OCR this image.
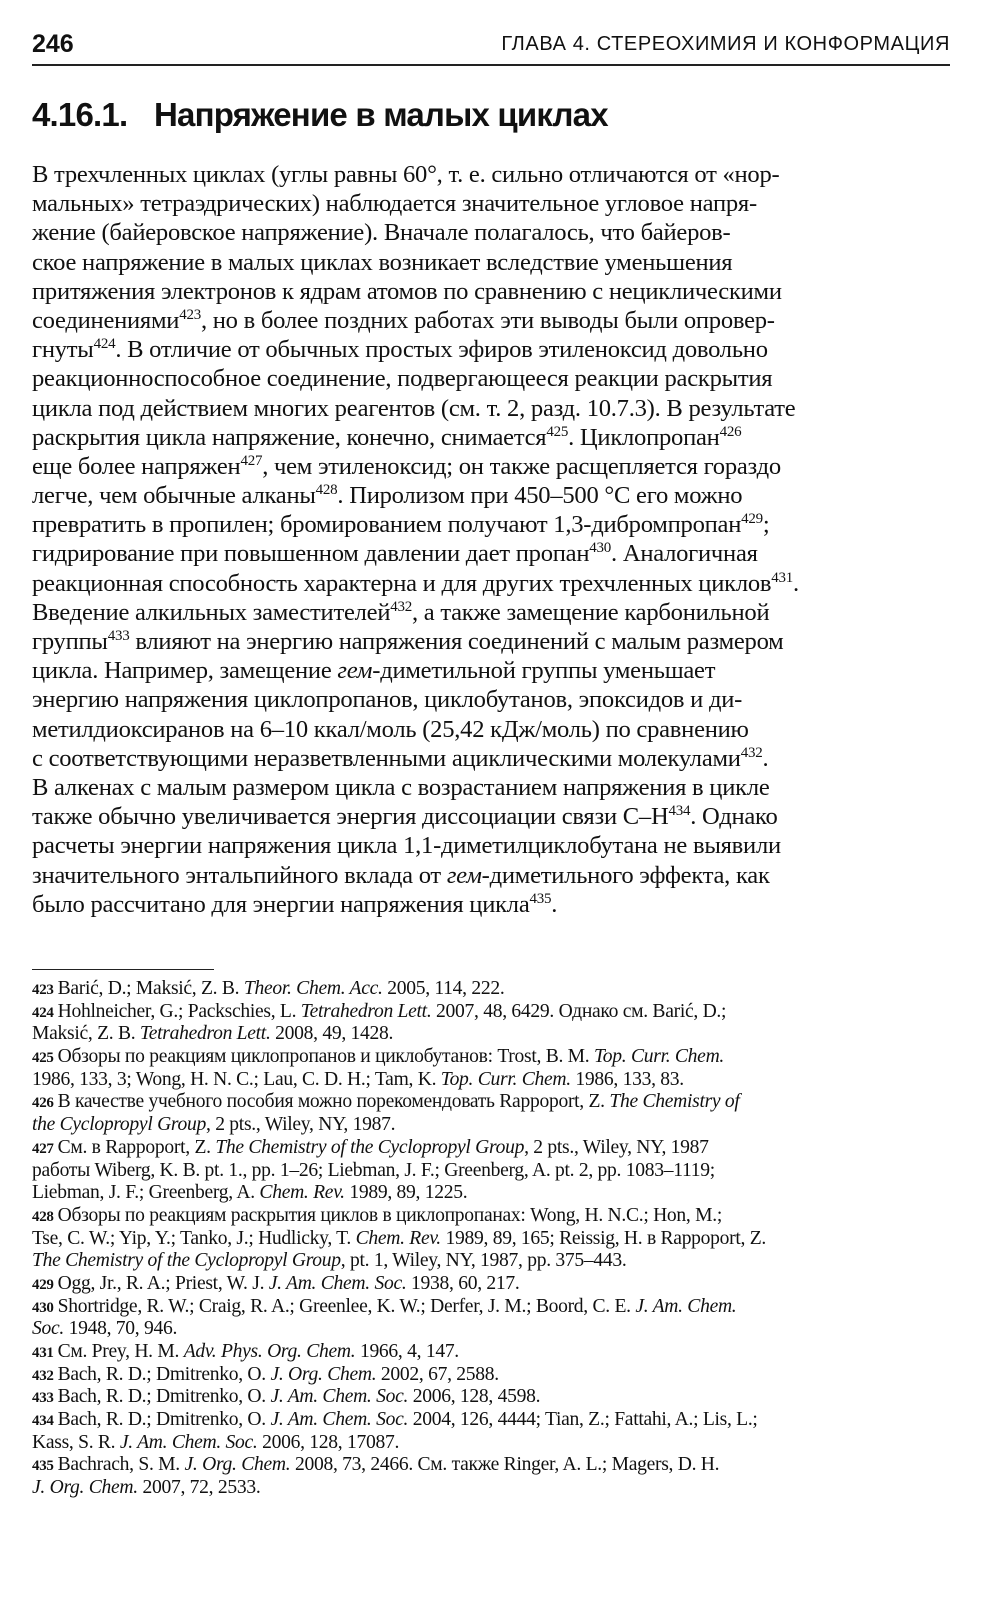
246	ГЛАВА 4. СТЕРЕОХИМИЯ И КОНФОРМАЦИЯ
4.16.1. Напряжение в малых циклах

В трехчленных циклах (углы равны 60°, т. е. сильно отличаются от «нор-
мальных» тетраэдрических) наблюдается значительное угловое напря-
жение (байеровское напряжение). Вначале полагалось, что байеров-
ское напряжение в малых циклах возникает вследствие уменьшения
притяжения электронов к ядрам атомов по сравнению с нециклическими
соединениями$^{423}$, но в более поздних работах эти выводы были опровер-
гнуты$^{424}$. В отличие от обычных простых эфиров этиленоксид довольно
реакционноспособное соединение, подвергающееся реакции раскрытия
цикла под действием многих реагентов (см. т. 2, разд. 10.7.3). В результате
раскрытия цикла напряжение, конечно, снимается$^{425}$. Циклопропан$^{426}$
еще более напряжен$^{427}$, чем этиленоксид; он также расщепляется гораздо
легче, чем обычные алканы$^{428}$. Пиролизом при 450–500 °С его можно
превратить в пропилен; бромированием получают 1,3-дибромпропан$^{429}$;
гидрирование при повышенном давлении дает пропан$^{430}$. Аналогичная
реакционная способность характерна и для других трехчленных циклов$^{431}$.
Введение алкильных заместителей$^{432}$, а также замещение карбонильной
группы$^{433}$ влияют на энергию напряжения соединений с малым размером
цикла. Например, замещение гем-диметильной группы уменьшает
энергию напряжения циклопропанов, циклобутанов, эпоксидов и ди-
метилдиоксиранов на 6–10 ккал/моль (25,42 кДж/моль) по сравнению
с соответствующими неразветвленными ациклическими молекулами$^{432}$.
В алкенах с малым размером цикла с возрастанием напряжения в цикле
также обычно увеличивается энергия диссоциации связи С–Н$^{434}$. Однако
расчеты энергии напряжения цикла 1,1-диметилциклобутана не выявили
значительного энтальпийного вклада от гем-диметильного эффекта, как
было рассчитано для энергии напряжения цикла$^{435}$.

423 Barić, D.; Maksić, Z. B. Theor. Chem. Acc. 2005, 114, 222.
424 Hohlneicher, G.; Packschies, L. Tetrahedron Lett. 2007, 48, 6429. Однако см. Barić, D.;
Maksić, Z. B. Tetrahedron Lett. 2008, 49, 1428.
425 Обзоры по реакциям циклопропанов и циклобутанов: Trost, B. M. Top. Curr. Chem.
1986, 133, 3; Wong, H. N. C.; Lau, C. D. H.; Tam, K. Top. Curr. Chem. 1986, 133, 83.
426 В качестве учебного пособия можно порекомендовать Rappoport, Z. The Chemistry of
the Cyclopropyl Group, 2 pts., Wiley, NY, 1987.
427 См. в Rappoport, Z. The Chemistry of the Cyclopropyl Group, 2 pts., Wiley, NY, 1987
работы Wiberg, K. B. pt. 1., pp. 1–26; Liebman, J. F.; Greenberg, A. pt. 2, pp. 1083–1119;
Liebman, J. F.; Greenberg, A. Chem. Rev. 1989, 89, 1225.
428 Обзоры по реакциям раскрытия циклов в циклопропанах: Wong, H. N.C.; Hon, M.;
Tse, C. W.; Yip, Y.; Tanko, J.; Hudlicky, T. Chem. Rev. 1989, 89, 165; Reissig, H. в Rappoport, Z.
The Chemistry of the Cyclopropyl Group, pt. 1, Wiley, NY, 1987, pp. 375–443.
429 Ogg, Jr., R. A.; Priest, W. J. J. Am. Chem. Soc. 1938, 60, 217.
430 Shortridge, R. W.; Craig, R. A.; Greenlee, K. W.; Derfer, J. M.; Boord, C. E. J. Am. Chem.
Soc. 1948, 70, 946.
431 См. Prey, H. M. Adv. Phys. Org. Chem. 1966, 4, 147.
432 Bach, R. D.; Dmitrenko, O. J. Org. Chem. 2002, 67, 2588.
433 Bach, R. D.; Dmitrenko, O. J. Am. Chem. Soc. 2006, 128, 4598.
434 Bach, R. D.; Dmitrenko, O. J. Am. Chem. Soc. 2004, 126, 4444; Tian, Z.; Fattahi, A.; Lis, L.;
Kass, S. R. J. Am. Chem. Soc. 2006, 128, 17087.
435 Bachrach, S. M. J. Org. Chem. 2008, 73, 2466. См. также Ringer, A. L.; Magers, D. H.
J. Org. Chem. 2007, 72, 2533.
